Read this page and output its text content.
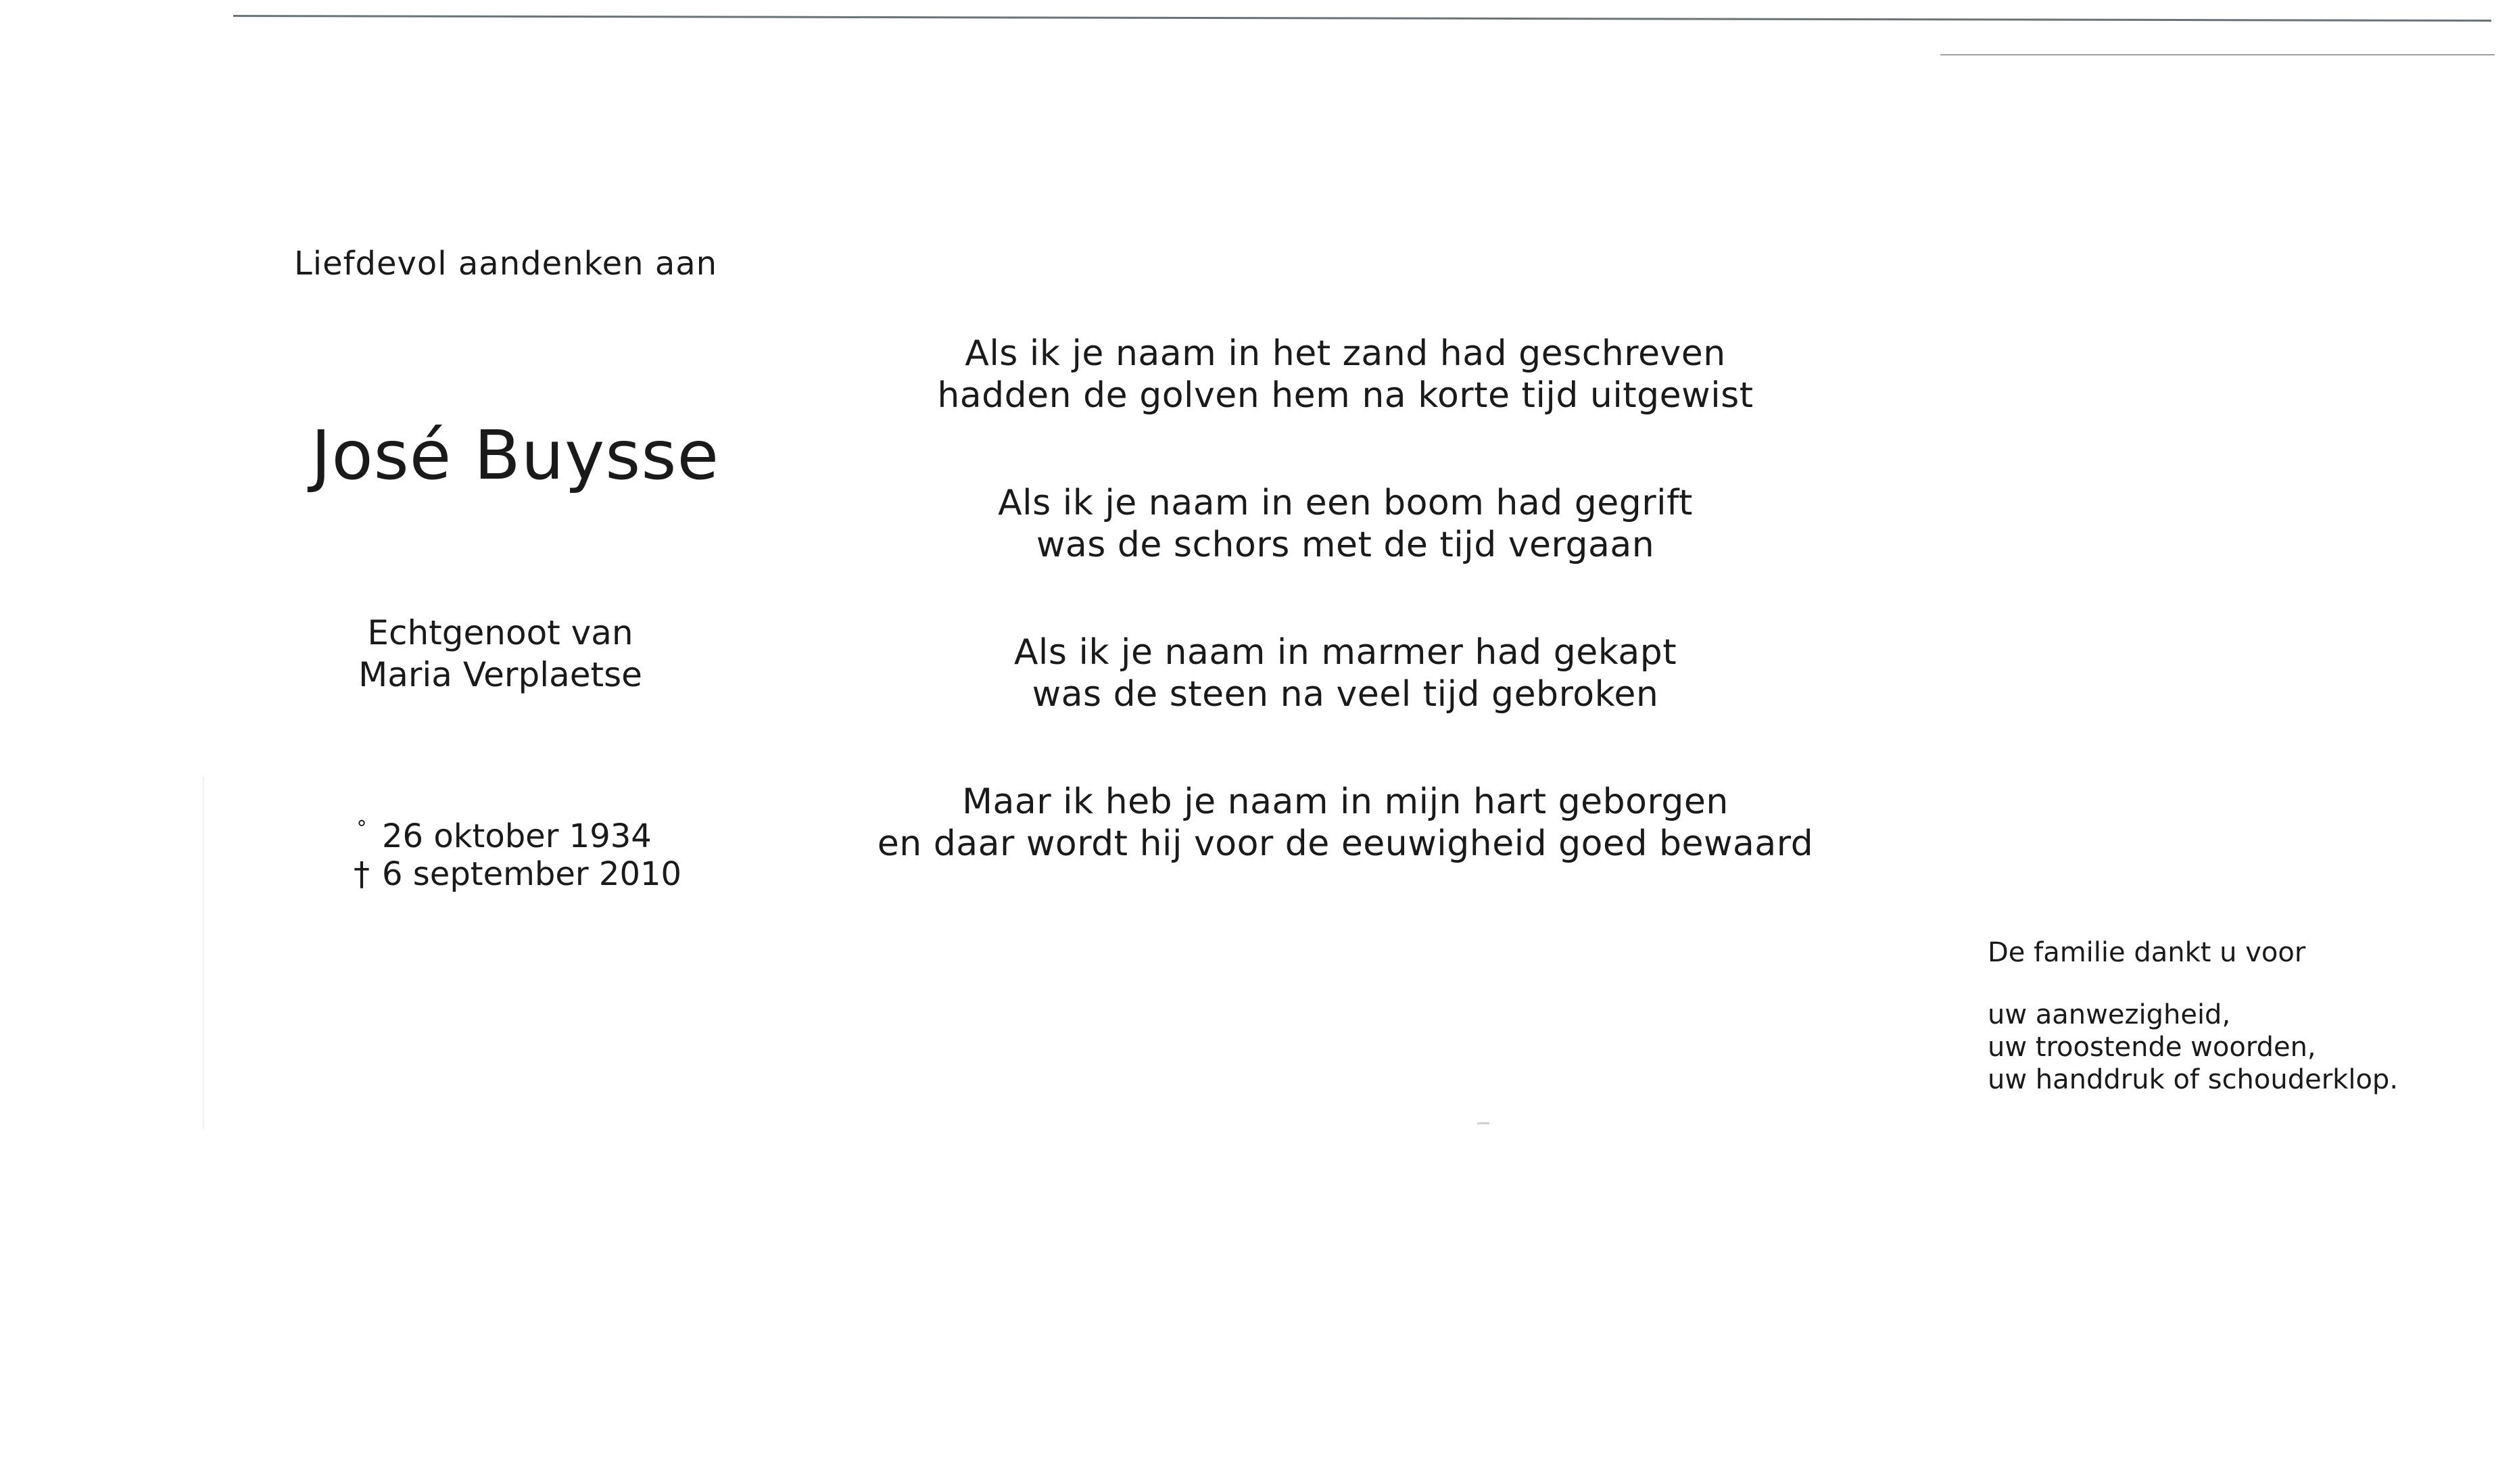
Liefdevol aandenken aan
José Buysse
Echtgenoot van
Maria Verplaetse
° 26 oktober 1934
† 6 september 2010
Als ik je naam in het zand had geschreven
hadden de golven hem na korte tijd uitgewist
Als ik je naam in een boom had gegrift
was de schors met de tijd vergaan
Als ik je naam in marmer had gekapt
was de steen na veel tijd gebroken
Maar ik heb je naam in mijn hart geborgen
en daar wordt hij voor de eeuwigheid goed bewaard
De familie dankt u voor
uw aanwezigheid,
uw troostende woorden,
uw handdruk of schouderklop.
